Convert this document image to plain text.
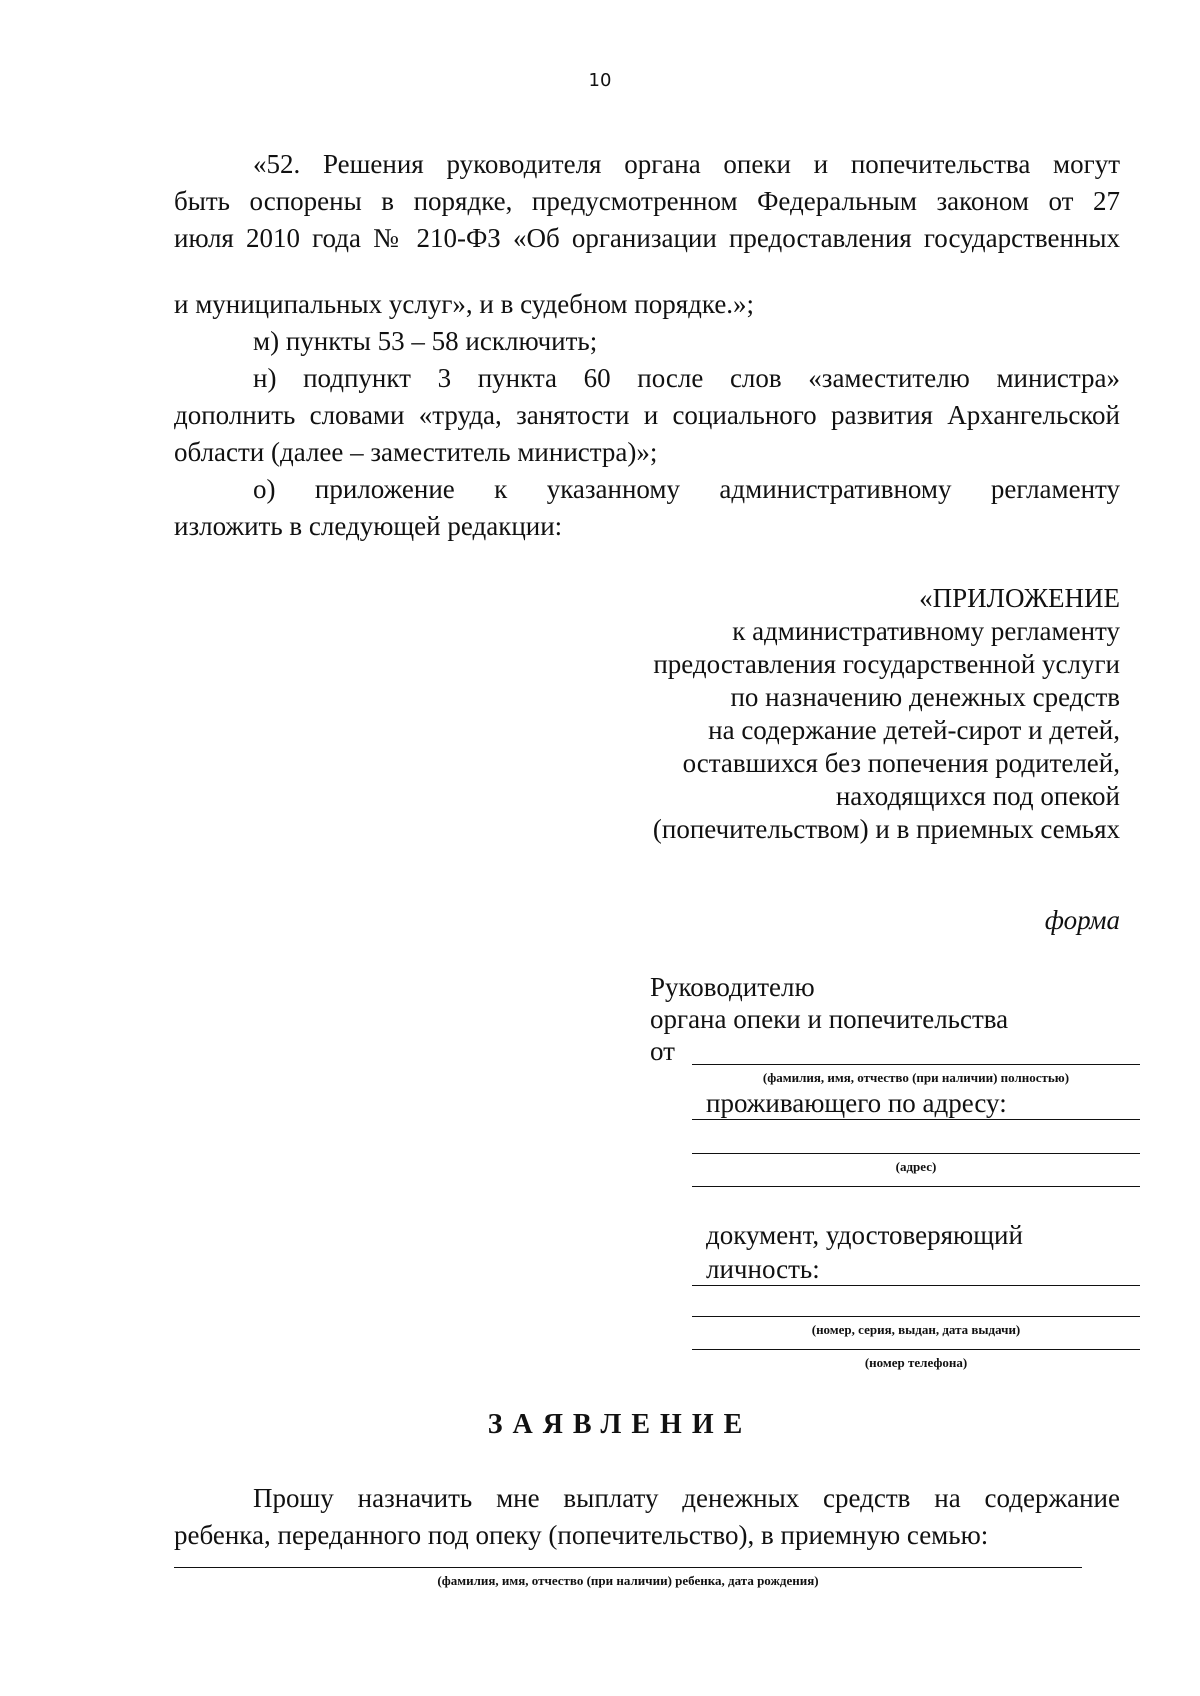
10

«52. Решения руководителя органа опеки и попечительства могут

быть оспорены в порядке, предусмотренном Федеральным законом от 27

июля 2010 года № 210-ФЗ «Об организации предоставления государственных

и муниципальных услуг», и в судебном порядке.»;

м) пункты 53 – 58 исключить;

н) подпункт 3 пункта 60 после слов «заместителю министра»

дополнить словами «труда, занятости и социального развития Архангельской

области (далее – заместитель министра)»;

о) приложение к указанному административному регламенту

изложить в следующей редакции:

«ПРИЛОЖЕНИЕ
к административному регламенту
предоставления государственной услуги
по назначению денежных средств
на содержание детей-сирот и детей,
оставшихся без попечения родителей,
находящихся под опекой
(попечительством) и в приемных семьях
форма
Руководителю
органа опеки и попечительства
от
(фамилия, имя, отчество (при наличии) полностью)
проживающего по адресу:
(адрес)
документ, удостоверяющий
личность:
(номер, серия, выдан, дата выдачи)
(номер телефона)
ЗАЯВЛЕНИЕ

Прошу назначить мне выплату денежных средств на содержание

ребенка, переданного под опеку (попечительство), в приемную семью:

(фамилия, имя, отчество (при наличии) ребенка, дата рождения)
